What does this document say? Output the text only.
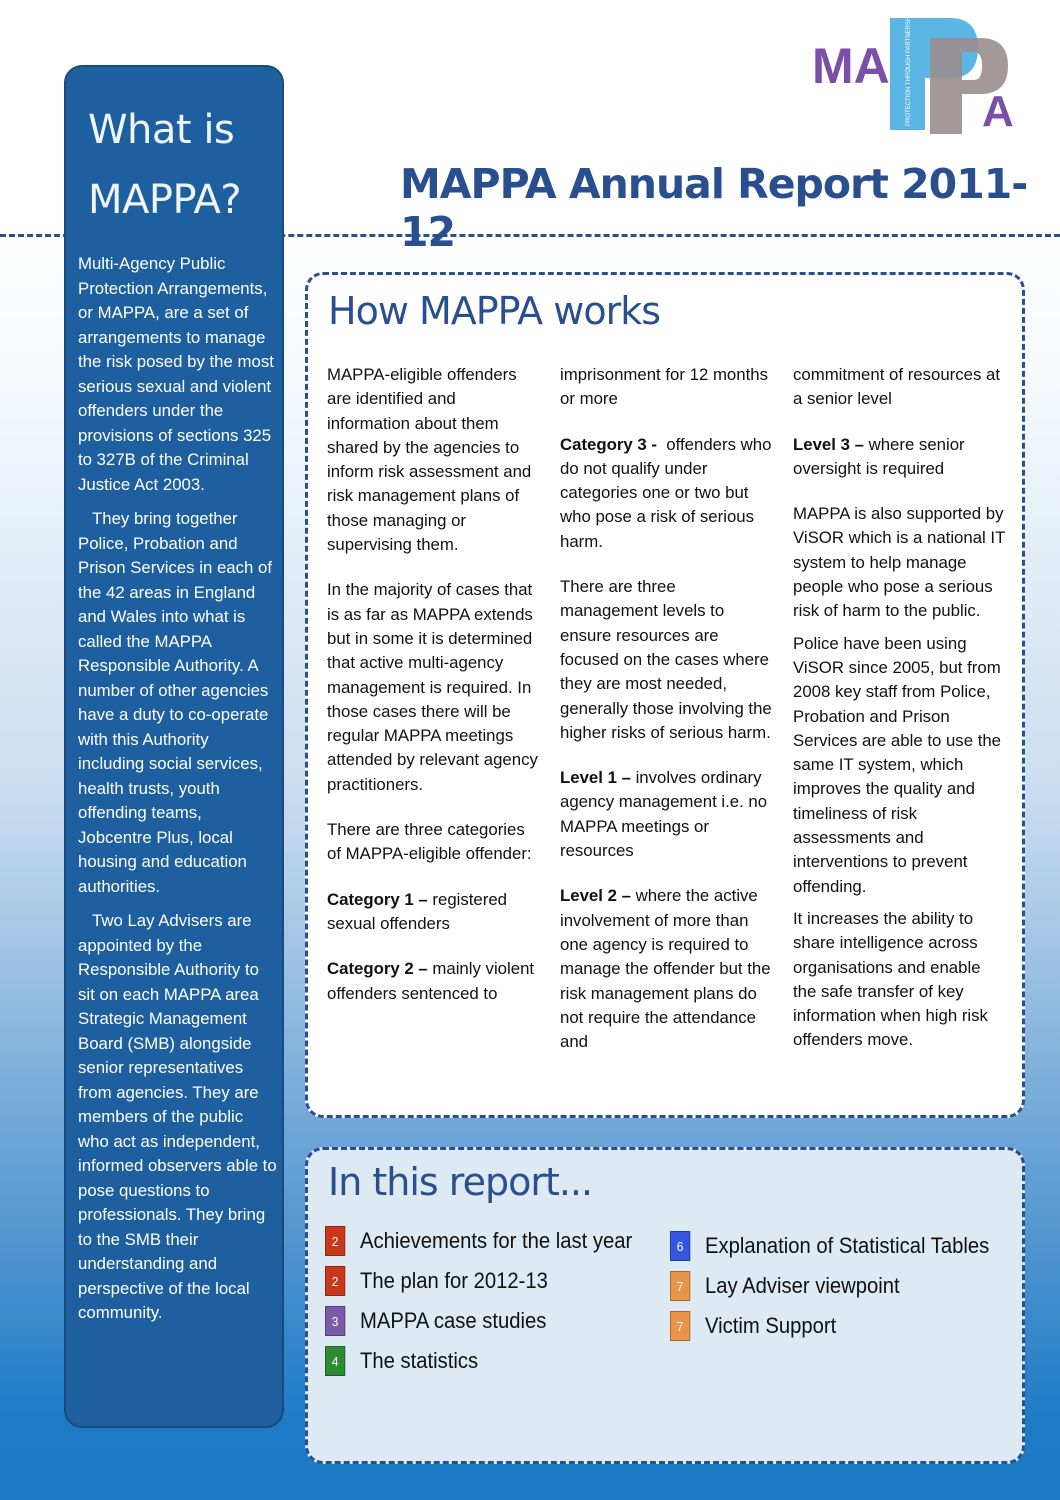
MA
A
PROTECTION THROUGH PARTNERSHIP
MAPPA Annual Report 2011-12
What is
MAPPA?

Multi-Agency Public Protection Arrangements, or MAPPA, are a set of arrangements to manage the risk posed by the most serious sexual and violent offenders under the provisions of sections 325 to 327B of the Criminal Justice Act 2003.

They bring together Police, Probation and Prison Services in each of the 42 areas in England and Wales into what is called the MAPPA Responsible Authority. A number of other agencies have a duty to co-operate with this Authority including social services, health trusts, youth offending teams, Jobcentre Plus, local housing and education authorities.

Two Lay Advisers are appointed by the Responsible Authority to sit on each MAPPA area Strategic Management Board (SMB) alongside senior representatives from agencies. They are members of the public who act as independent, informed observers able to pose questions to professionals. They bring to the SMB their understanding and perspective of the local community.

How MAPPA works

MAPPA-eligible offenders are identified and information about them shared by the agencies to inform risk assessment and risk management plans of those managing or supervising them.

In the majority of cases that is as far as MAPPA extends but in some it is determined that active multi-agency management is required. In those cases there will be regular MAPPA meetings attended by relevant agency practitioners.

There are three categories of MAPPA-eligible offender:

Category 1 – registered sexual offenders

Category 2 – mainly violent offenders sentenced to

imprisonment for 12 months or more

Category 3 -  offenders who do not qualify under categories one or two but who pose a risk of serious harm.

There are three management levels to ensure resources are focused on the cases where they are most needed, generally those involving the higher risks of serious harm.

Level 1 – involves ordinary agency management i.e. no MAPPA meetings or resources

Level 2 – where the active involvement of more than one agency is required to manage the offender but the risk management plans do not require the attendance and

commitment of resources at a senior level

Level 3 – where senior oversight is required

MAPPA is also supported by ViSOR which is a national IT system to help manage people who pose a serious risk of harm to the public.

Police have been using ViSOR since 2005, but from 2008 key staff from Police, Probation and Prison Services are able to use the same IT system, which improves the quality and timeliness of risk assessments and interventions to prevent offending.

It increases the ability to share intelligence across organisations and enable the safe transfer of key information when high risk offenders move.

In this report...
2 Achievements for the last year
2 The plan for 2012-13
3 MAPPA case studies
4 The statistics
6 Explanation of Statistical Tables
7 Lay Adviser viewpoint
7 Victim Support
